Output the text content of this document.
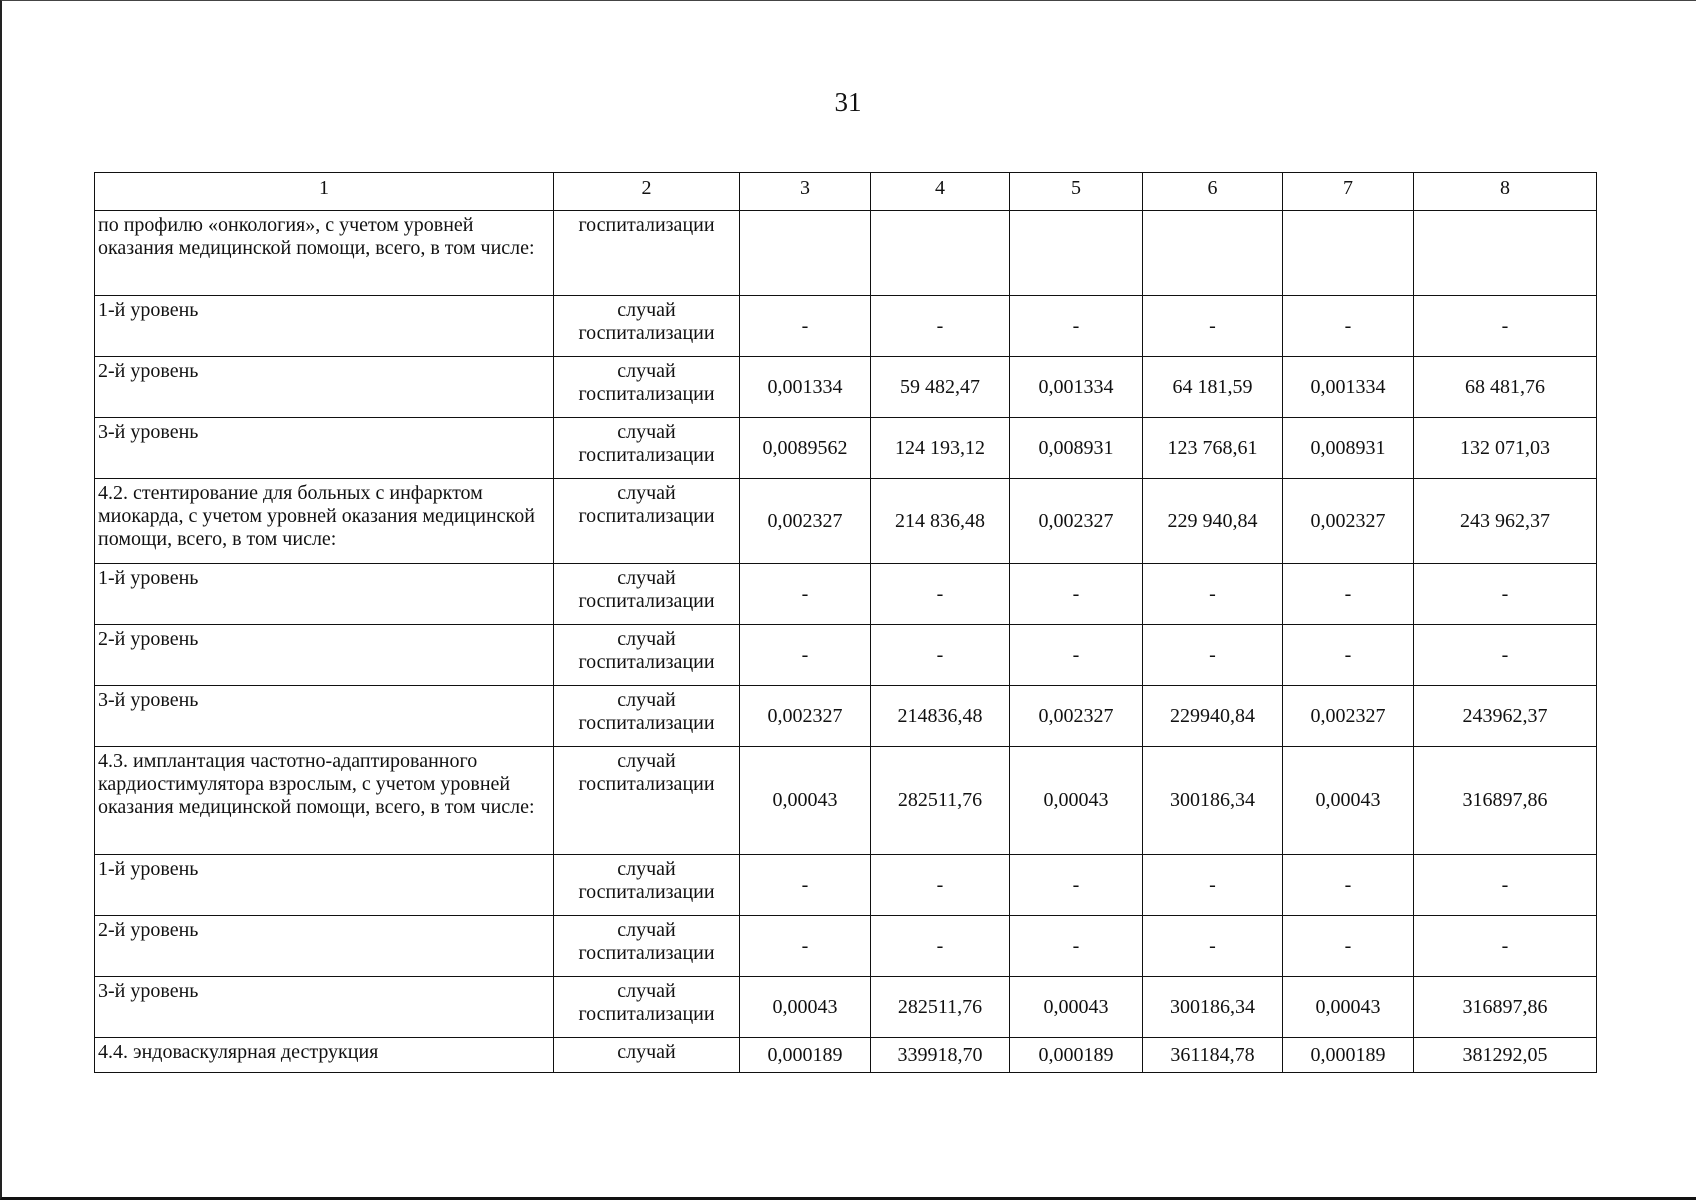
31
1	2	3	4	5	6	7	8
по профилю «онкология», с учетом уровней оказания медицинской помощи, всего, в том числе:	госпитализации						
1-й уровень	случай госпитализации	-	-	-	-	-	-
2-й уровень	случай госпитализации	0,001334	59 482,47	0,001334	64 181,59	0,001334	68 481,76
3-й уровень	случай госпитализации	0,0089562	124 193,12	0,008931	123 768,61	0,008931	132 071,03
4.2. стентирование для больных с инфарктом миокарда, с учетом уровней оказания медицинской помощи, всего, в том числе:	случай госпитализации	0,002327	214 836,48	0,002327	229 940,84	0,002327	243 962,37
1-й уровень	случай госпитализации	-	-	-	-	-	-
2-й уровень	случай госпитализации	-	-	-	-	-	-
3-й уровень	случай госпитализации	0,002327	214836,48	0,002327	229940,84	0,002327	243962,37
4.3. имплантация частотно-адаптированного кардиостимулятора взрослым, с учетом уровней оказания медицинской помощи, всего, в том числе:	случай госпитализации	0,00043	282511,76	0,00043	300186,34	0,00043	316897,86
1-й уровень	случай госпитализации	-	-	-	-	-	-
2-й уровень	случай госпитализации	-	-	-	-	-	-
3-й уровень	случай госпитализации	0,00043	282511,76	0,00043	300186,34	0,00043	316897,86
4.4. эндоваскулярная деструкция	случай	0,000189	339918,70	0,000189	361184,78	0,000189	381292,05
